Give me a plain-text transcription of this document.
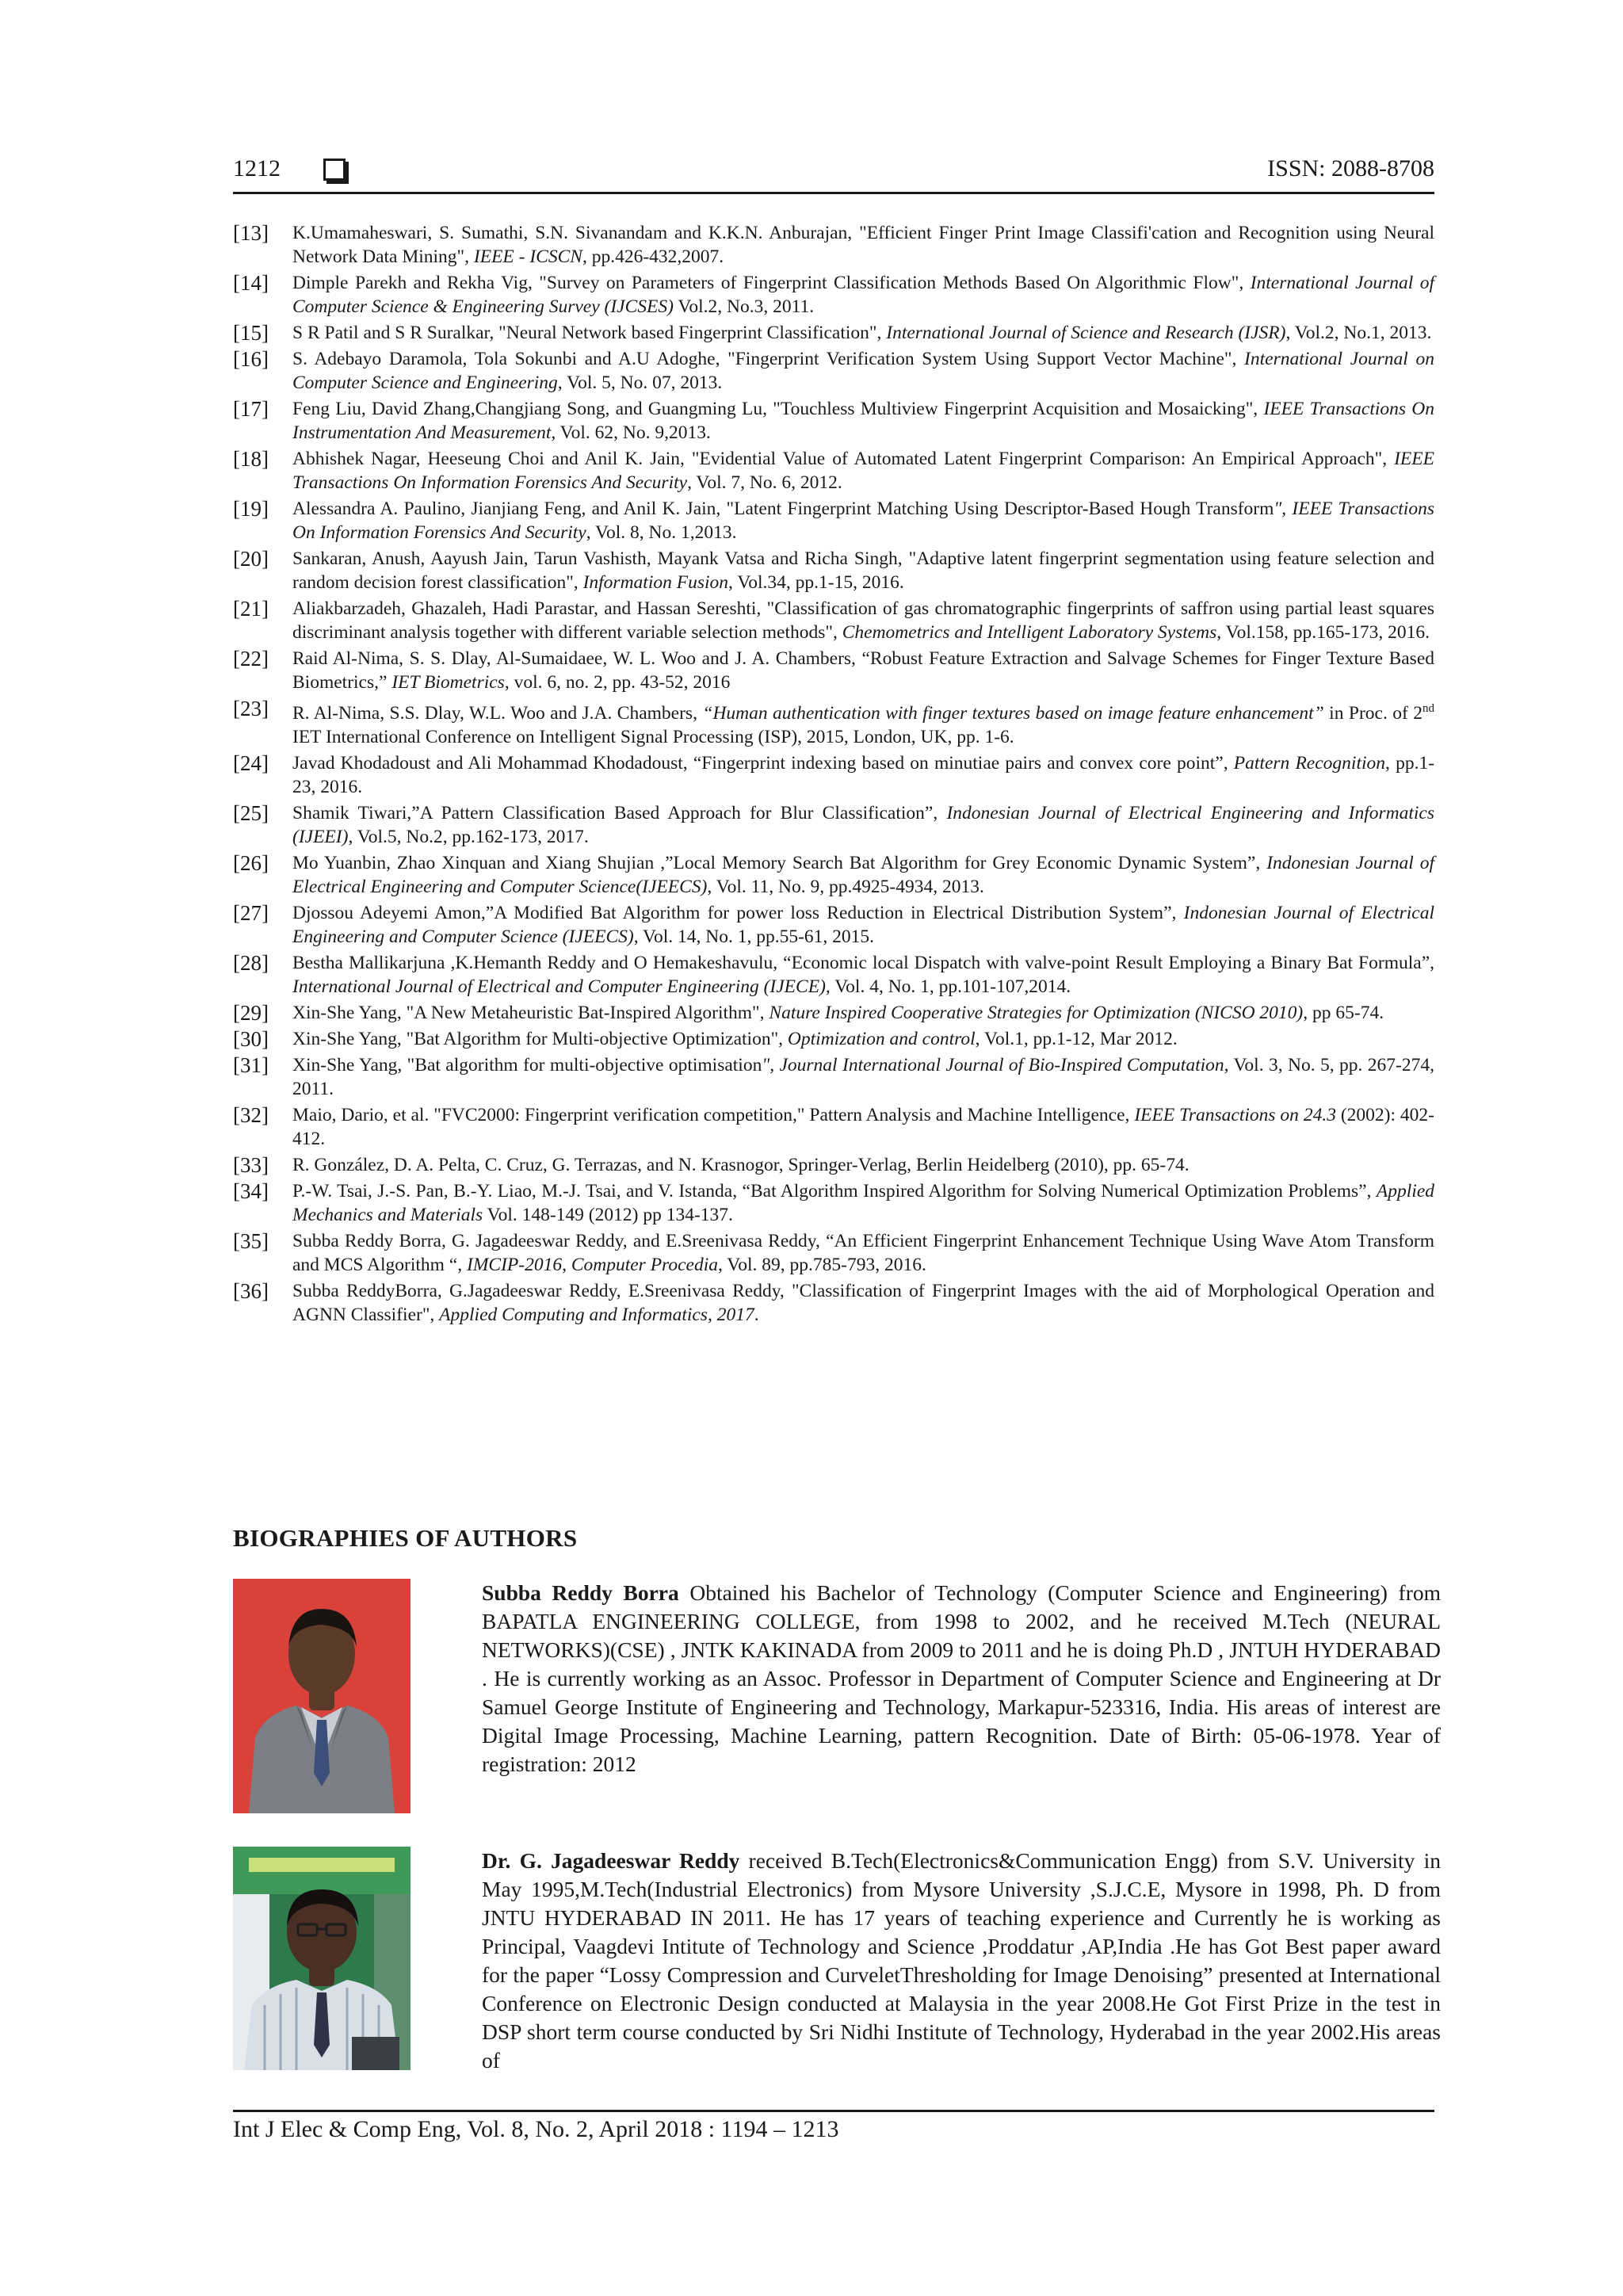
1212	ISSN: 2088-8708
[13]	K.Umamaheswari, S. Sumathi, S.N. Sivanandam and K.K.N. Anburajan, "Efficient Finger Print Image Classifi'cation and Recognition using Neural Network Data Mining", IEEE - ICSCN, pp.426-432,2007.
[14]	Dimple Parekh and Rekha Vig, "Survey on Parameters of Fingerprint Classification Methods Based On Algorithmic Flow", International Journal of Computer Science & Engineering Survey (IJCSES) Vol.2, No.3, 2011.
[15]	S R Patil and S R Suralkar, "Neural Network based Fingerprint Classification", International Journal of Science and Research (IJSR), Vol.2, No.1, 2013.
[16]	S. Adebayo Daramola, Tola Sokunbi and A.U Adoghe, "Fingerprint Verification System Using Support Vector Machine", International Journal on Computer Science and Engineering, Vol. 5, No. 07, 2013.
[17]	Feng Liu, David Zhang,Changjiang Song, and Guangming Lu, "Touchless Multiview Fingerprint Acquisition and Mosaicking", IEEE Transactions On Instrumentation And Measurement, Vol. 62, No. 9,2013.
[18]	Abhishek Nagar, Heeseung Choi and Anil K. Jain, "Evidential Value of Automated Latent Fingerprint Comparison: An Empirical Approach", IEEE Transactions On Information Forensics And Security, Vol. 7, No. 6, 2012.
[19]	Alessandra A. Paulino, Jianjiang Feng, and Anil K. Jain, "Latent Fingerprint Matching Using Descriptor-Based Hough Transform", IEEE Transactions On Information Forensics And Security, Vol. 8, No. 1,2013.
[20]	Sankaran, Anush, Aayush Jain, Tarun Vashisth, Mayank Vatsa and Richa Singh, "Adaptive latent fingerprint segmentation using feature selection and random decision forest classification", Information Fusion, Vol.34, pp.1-15, 2016.
[21]	Aliakbarzadeh, Ghazaleh, Hadi Parastar, and Hassan Sereshti, "Classification of gas chromatographic fingerprints of saffron using partial least squares discriminant analysis together with different variable selection methods", Chemometrics and Intelligent Laboratory Systems, Vol.158, pp.165-173, 2016.
[22]	Raid Al-Nima, S. S. Dlay, Al-Sumaidaee, W. L. Woo and J. A. Chambers, “Robust Feature Extraction and Salvage Schemes for Finger Texture Based Biometrics,” IET Biometrics, vol. 6, no. 2, pp. 43-52, 2016
[23]	R. Al-Nima, S.S. Dlay, W.L. Woo and J.A. Chambers, “Human authentication with finger textures based on image feature enhancement” in Proc. of 2nd IET International Conference on Intelligent Signal Processing (ISP), 2015, London, UK, pp. 1-6.
[24]	Javad Khodadoust and Ali Mohammad Khodadoust, “Fingerprint indexing based on minutiae pairs and convex core point”, Pattern Recognition, pp.1-23, 2016.
[25]	Shamik Tiwari,”A Pattern Classification Based Approach for Blur Classification”, Indonesian Journal of Electrical Engineering and Informatics (IJEEI), Vol.5, No.2, pp.162-173, 2017.
[26]	Mo Yuanbin, Zhao Xinquan and Xiang Shujian ,”Local Memory Search Bat Algorithm for Grey Economic Dynamic System”, Indonesian Journal of Electrical Engineering and Computer Science(IJEECS), Vol. 11, No. 9, pp.4925-4934, 2013.
[27]	Djossou Adeyemi Amon,”A Modified Bat Algorithm for power loss Reduction in Electrical Distribution System”, Indonesian Journal of Electrical Engineering and Computer Science (IJEECS), Vol. 14, No. 1, pp.55-61, 2015.
[28]	Bestha Mallikarjuna ,K.Hemanth Reddy and O Hemakeshavulu, “Economic local Dispatch with valve-point Result Employing a Binary Bat Formula”, International Journal of Electrical and Computer Engineering (IJECE), Vol. 4, No. 1, pp.101-107,2014.
[29]	Xin-She Yang, "A New Metaheuristic Bat-Inspired Algorithm", Nature Inspired Cooperative Strategies for Optimization (NICSO 2010), pp 65-74.
[30]	Xin-She Yang, "Bat Algorithm for Multi-objective Optimization", Optimization and control, Vol.1, pp.1-12, Mar 2012.
[31]	Xin-She Yang, "Bat algorithm for multi-objective optimisation", Journal International Journal of Bio-Inspired Computation, Vol. 3, No. 5, pp. 267-274, 2011.
[32]	Maio, Dario, et al. "FVC2000: Fingerprint verification competition," Pattern Analysis and Machine Intelligence, IEEE Transactions on 24.3 (2002): 402-412.
[33]	R. González, D. A. Pelta, C. Cruz, G. Terrazas, and N. Krasnogor, Springer-Verlag, Berlin Heidelberg (2010), pp. 65-74.
[34]	P.-W. Tsai, J.-S. Pan, B.-Y. Liao, M.-J. Tsai, and V. Istanda, “Bat Algorithm Inspired Algorithm for Solving Numerical Optimization Problems”, Applied Mechanics and Materials Vol. 148-149 (2012) pp 134-137.
[35]	Subba Reddy Borra, G. Jagadeeswar Reddy, and E.Sreenivasa Reddy, “An Efficient Fingerprint Enhancement Technique Using Wave Atom Transform and MCS Algorithm “, IMCIP-2016, Computer Procedia, Vol. 89, pp.785-793, 2016.
[36]	Subba ReddyBorra, G.Jagadeeswar Reddy, E.Sreenivasa Reddy, "Classification of Fingerprint Images with the aid of Morphological Operation and AGNN Classifier", Applied Computing and Informatics, 2017.
BIOGRAPHIES OF AUTHORS
Subba Reddy Borra Obtained his Bachelor of Technology (Computer Science and Engineering) from BAPATLA ENGINEERING COLLEGE, from 1998 to 2002, and he received M.Tech (NEURAL NETWORKS)(CSE) , JNTK KAKINADA from 2009 to 2011 and he is doing Ph.D , JNTUH HYDERABAD . He is currently working as an Assoc. Professor in Department of Computer Science and Engineering at Dr Samuel George Institute of Engineering and Technology, Markapur-523316, India. His areas of interest are Digital Image Processing, Machine Learning, pattern Recognition. Date of Birth: 05-06-1978. Year of registration: 2012
Dr. G. Jagadeeswar Reddy received B.Tech(Electronics&Communication Engg) from S.V. University in May 1995,M.Tech(Industrial Electronics) from Mysore University ,S.J.C.E, Mysore in 1998, Ph. D from JNTU HYDERABAD IN 2011. He has 17 years of teaching experience and Currently he is working as Principal, Vaagdevi Intitute of Technology and Science ,Proddatur ,AP,India .He has Got Best paper award for the paper “Lossy Compression and CurveletThresholding for Image Denoising” presented at International Conference on Electronic Design conducted at Malaysia in the year 2008.He Got First Prize in the test in DSP short term course conducted by Sri Nidhi Institute of Technology, Hyderabad in the year 2002.His areas of
Int J Elec & Comp Eng, Vol. 8, No. 2, April 2018 : 1194 – 1213
